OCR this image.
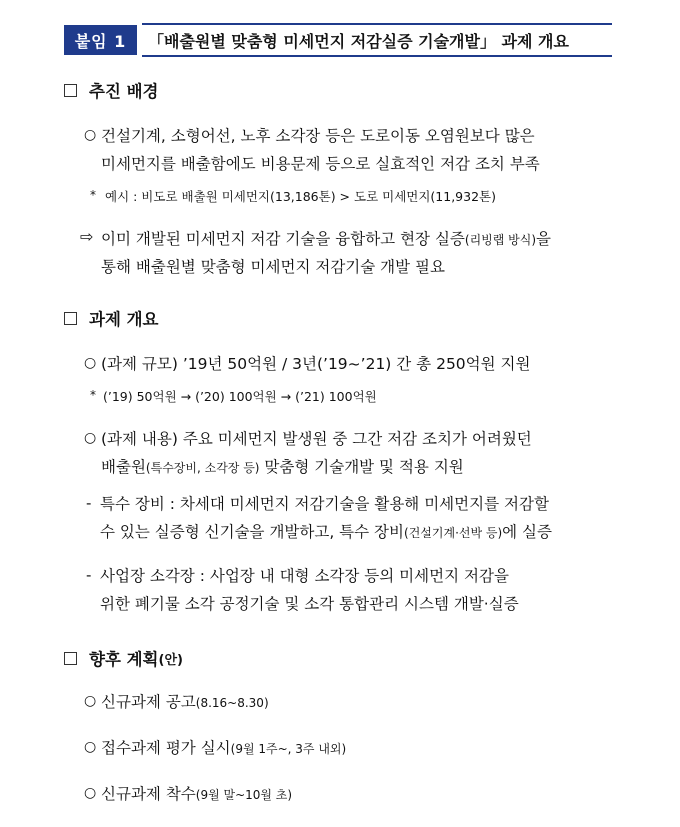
붙임 1	「배출원별 맞춤형 미세먼지 저감실증 기술개발」 과제 개요
추진 배경
○ 건설기계, 소형어선, 노후 소각장 등은 도로이동 오염원보다 많은
미세먼지를 배출함에도 비용문제 등으로 실효적인 저감 조치 부족
* 예시 : 비도로 배출원 미세먼지(13,186톤) > 도로 미세먼지(11,932톤)
⇨ 이미 개발된 미세먼지 저감 기술을 융합하고 현장 실증(리빙랩 방식)을
통해 배출원별 맞춤형 미세먼지 저감기술 개발 필요
과제 개요
○ (과제 규모) ’19년 50억원 / 3년(’19~’21) 간 총 250억원 지원
* (’19) 50억원 → (’20) 100억원 → (’21) 100억원
○ (과제 내용) 주요 미세먼지 발생원 중 그간 저감 조치가 어려웠던
배출원(특수장비, 소각장 등) 맞춤형 기술개발 및 적용 지원
- 특수 장비 : 차세대 미세먼지 저감기술을 활용해 미세먼지를 저감할
수 있는 실증형 신기술을 개발하고, 특수 장비(건설기계·선박 등)에 실증
- 사업장 소각장 : 사업장 내 대형 소각장 등의 미세먼지 저감을
위한 폐기물 소각 공정기술 및 소각 통합관리 시스템 개발·실증
향후 계획 (안)
○ 신규과제 공고(8.16~8.30)
○ 접수과제 평가 실시(9월 1주~, 3주 내외)
○ 신규과제 착수(9월 말~10월 초)
